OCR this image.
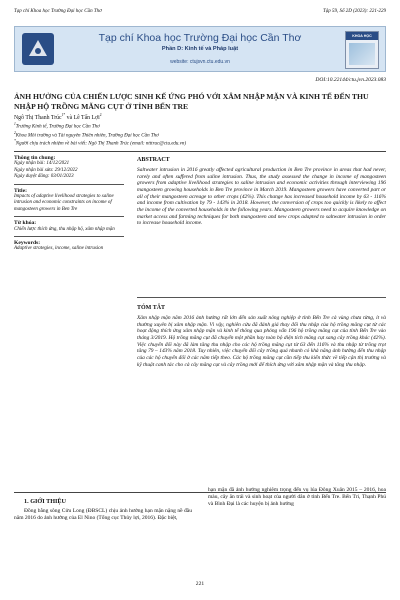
Tạp chí Khoa học Trường Đại học Cần Thơ	Tập 59, Số 2D (2023): 221-229
Tạp chí Khoa học Trường Đại học Cần Thơ
Phần D: Kinh tế và Pháp luật
website: ctujsvn.ctu.edu.vn
KHOA HỌC
DOI:10.22144/ctu.jvn.2023.083
ẢNH HƯỞNG CỦA CHIẾN LƯỢC SINH KẾ ỨNG PHÓ VỚI XÂM NHẬP MẶN VÀ KINH TẾ ĐẾN THU NHẬP HỘ TRỒNG MĂNG CỤT Ở TỈNH BẾN TRE
Ngô Thị Thanh Trúc$^{1*}$ và Lê Tấn Lợi$^2$
$^1$Trường Kinh tế, Trường Đại học Cần Thơ
$^2$Khoa Môi trường và Tài nguyên Thiên nhiên, Trường Đại học Cần Thơ
*Người chịu trách nhiệm về bài viết: Ngô Thị Thanh Trúc (email: ntttruc@ctu.edu.vn)
Thông tin chung:
Ngày nhận bài: 14/12/2021
Ngày nhận bài sửa: 29/12/2022
Ngày duyệt đăng: 03/01/2023
Title:
Impacts of adaptive livelihood strategies to saline intrusion and economic constraints on income of mangosteen growers in Ben Tre
Từ khóa:
Chiến lược thích ứng, thu nhập hộ, xâm nhập mặn
Keywords:
Adaptive strategies, income, saline intrusion
ABSTRACT
Saltwater intrusion in 2016 greatly affected agricultural production in Ben Tre province in areas that had never, rarely and often suffered from saline intrusion. Thus, the study assessed the change in income of mangosteen growers from adaptive livelihood strategies to saline intrusion and economic activities through interviewing 196 mangosteen growing households in Ben Tre province in March 2019. Mangosteen growers have converted part or all of their mangosteen acreage to other crops (42%). This change has increased household income by 63 - 116% and income from cultivation by 79 - 143% in 2018. However, the conversion of crops too quickly is likely to affect the income of the converted households in the following years. Mangosteen growers need to acquire knowledge on market access and farming techniques for both mangosteen and new crops adapted to saltwater intrusion in order to increase household income.
TÓM TẮT
Xâm nhập mặn năm 2016 ảnh hưởng rất lớn đến sản xuất nông nghiệp ở tỉnh Bến Tre cả vùng chưa từng, ít và thường xuyên bị xâm nhập mặn. Vì vậy, nghiên cứu đã đánh giá thay đổi thu nhập của hộ trồng măng cụt từ các hoạt động thích ứng xâm nhập mặn và kinh tế thông qua phỏng vấn 196 hộ trồng măng cụt của tỉnh Bến Tre vào tháng 3/2019. Hộ trồng măng cụt đã chuyển một phần hay toàn bộ diện tích măng cụt sang cây trồng khác (42%). Việc chuyển đổi này đã làm tăng thu nhập cho các hộ trồng măng cụt từ 63 đến 116% và thu nhập từ trồng trọt tăng 79 – 143% năm 2018. Tuy nhiên, việc chuyển đổi cây trồng quá nhanh có khả năng ảnh hưởng đến thu nhập của các hộ chuyển đổi ở các năm tiếp theo. Các hộ trồng măng cụt cần tiếp thu kiến thức về tiếp cận thị trường và kỹ thuật canh tác cho cả cây măng cụt và cây trồng mới để thích ứng với xâm nhập mặn và tăng thu nhập.
1. GIỚI THIỆU
Đồng bằng sông Cửu Long (ĐBSCL) chịu ảnh hưởng hạn mặn nặng nề đầu năm 2016 do ảnh hưởng của El Nino (Tổng cục Thủy lợi, 2016). Đặc biệt,
hạn mặn đã ảnh hưởng nghiêm trọng đến vụ lúa Đông Xuân 2015 – 2016, hoa màu, cây ăn trái và sinh hoạt của người dân ở tỉnh Bến Tre. Bến Tri, Thạnh Phú và Bình Đại là các huyện bị ảnh hưởng
221
